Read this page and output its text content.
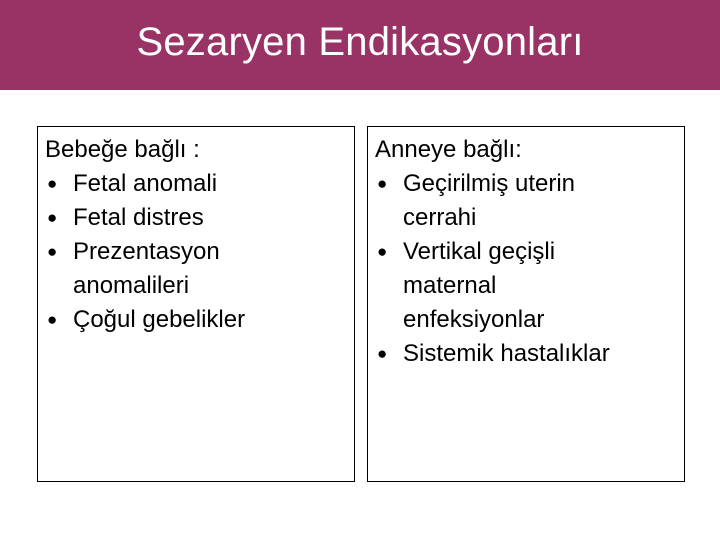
Sezaryen Endikasyonları

Bebeğe bağlı :

● Fetal anomali
● Fetal distres
● Prezentasyon anomalileri
● Çoğul gebelikler

Anneye bağlı:

● Geçirilmiş uterin cerrahi
● Vertikal geçişli maternal enfeksiyonlar
● Sistemik hastalıklar
